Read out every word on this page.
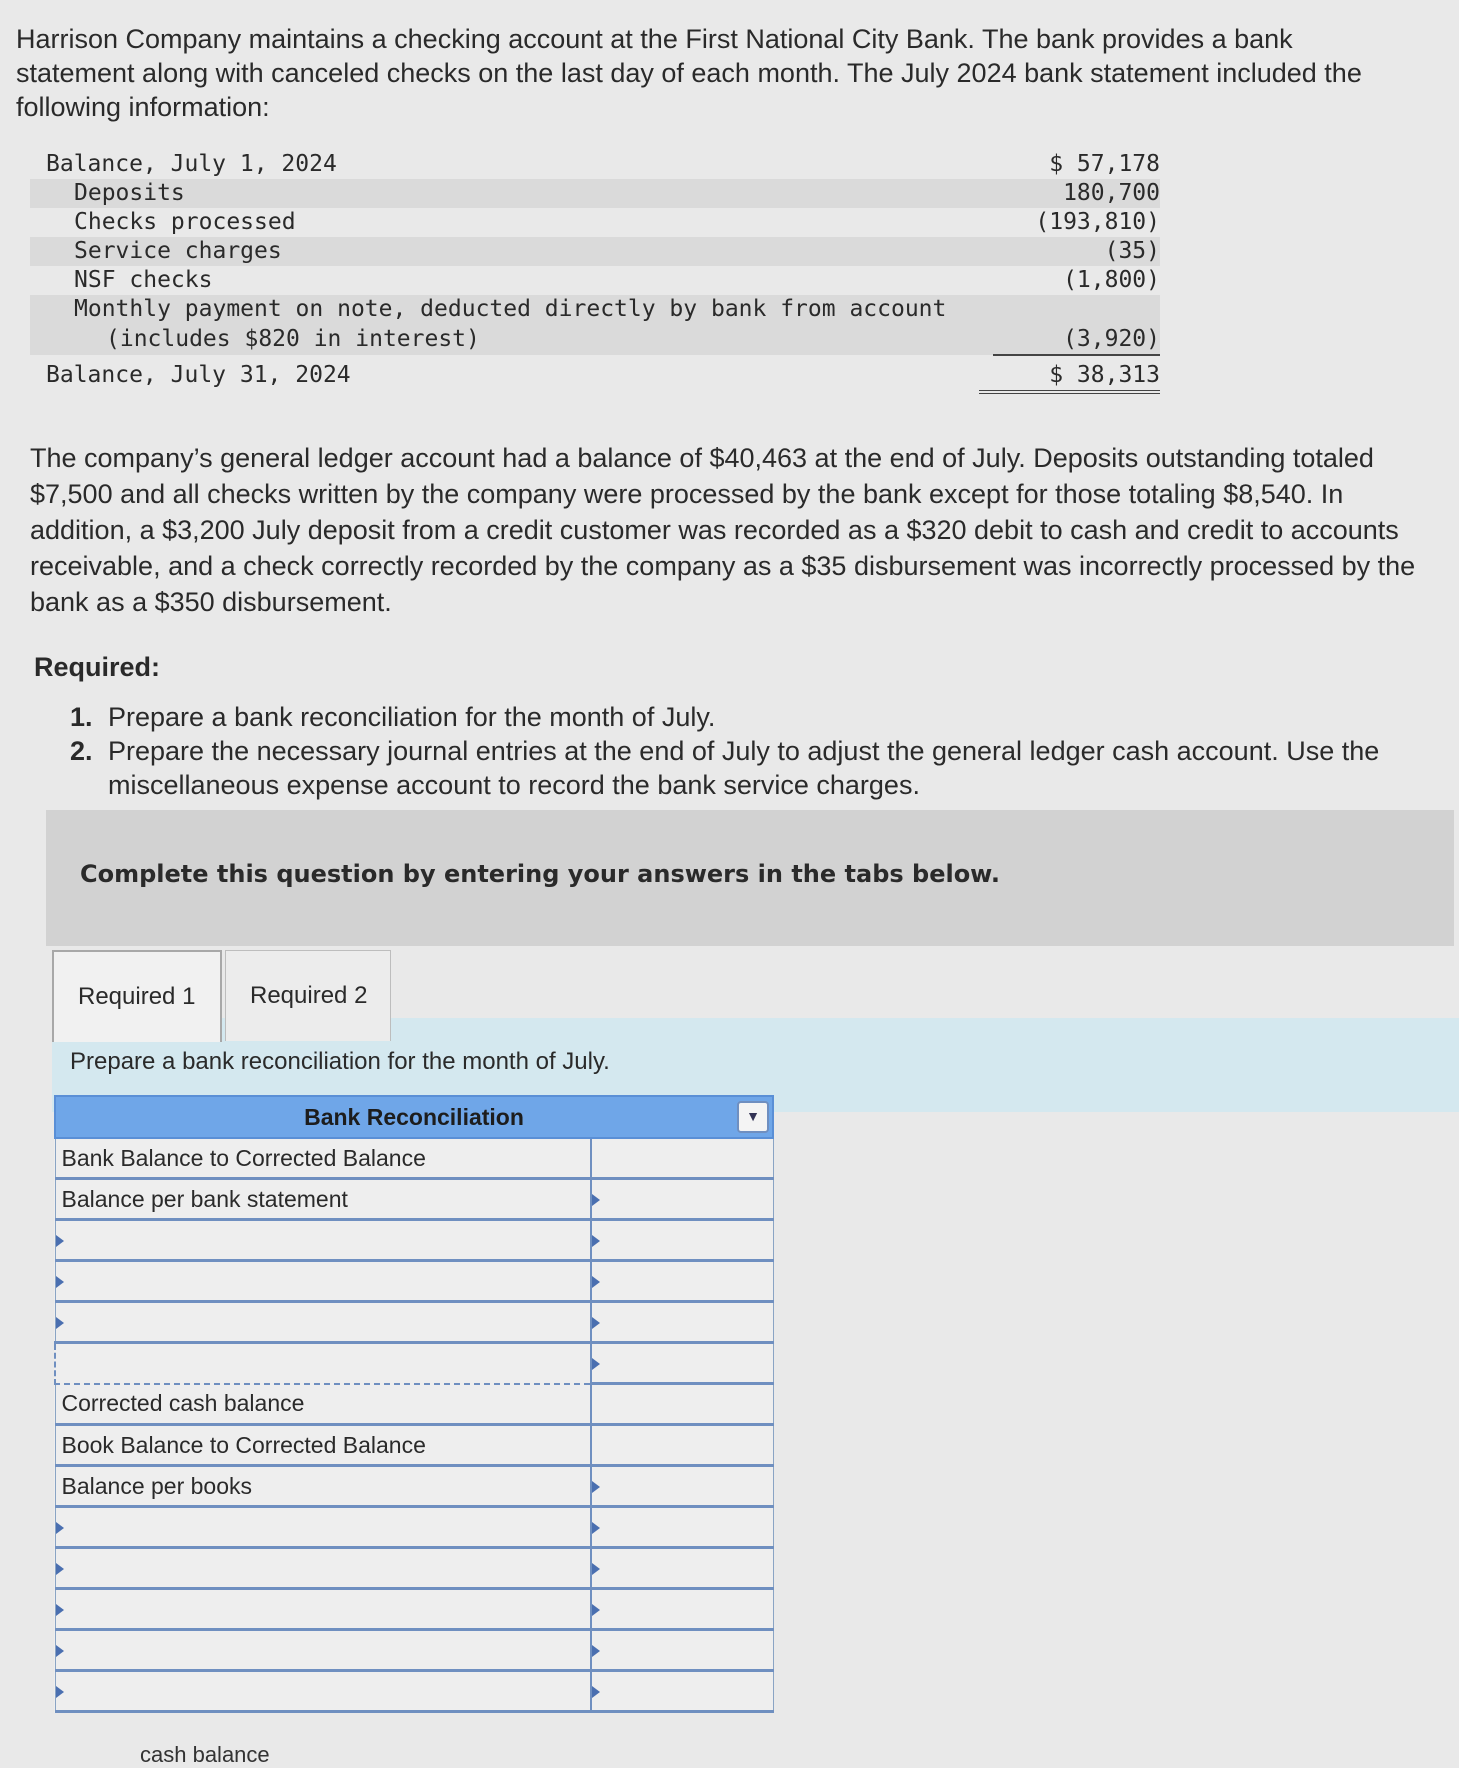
Harrison Company maintains a checking account at the First National City Bank. The bank provides a bank statement along with canceled checks on the last day of each month. The July 2024 bank statement included the following information:

Balance, July 1, 2024	$ 57,178
Deposits	180,700
Checks processed	(193,810)
Service charges	(35)
NSF checks	(1,800)
Monthly payment on note, deducted directly by bank from account
(includes $820 in interest)	(3,920)
Balance, July 31, 2024	$ 38,313

The company’s general ledger account had a balance of $40,463 at the end of July. Deposits outstanding totaled $7,500 and all checks written by the company were processed by the bank except for those totaling $8,540. In addition, a $3,200 July deposit from a credit customer was recorded as a $320 debit to cash and credit to accounts receivable, and a check correctly recorded by the company as a $35 disbursement was incorrectly processed by the bank as a $350 disbursement.

Required:

1. Prepare a bank reconciliation for the month of July.
2. Prepare the necessary journal entries at the end of July to adjust the general ledger cash account. Use the miscellaneous expense account to record the bank service charges.
Complete this question by entering your answers in the tabs below.
Prepare a bank reconciliation for the month of July.
Required 1	Required 2
Bank Reconciliation	
Bank Balance to Corrected Balance	
Balance per bank statement	

▼	

Corrected cash balance	
Book Balance to Corrected Balance	
Balance per books	

cash balance
